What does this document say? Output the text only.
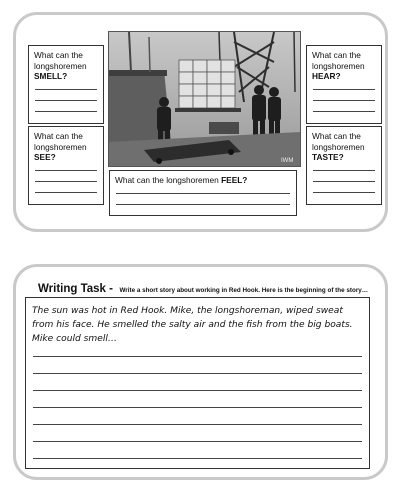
What can the longshoremen
SMELL?
What can the longshoremen
SEE?	IWM
What can the longshoremen
HEAR?
What can the longshoremen
TASTE?
What can the longshoremen FEEL?
Writing Task - Write a short story about working in Red Hook. Here is the beginning of the story…
The sun was hot in Red Hook. Mike, the longshoreman, wiped sweat from his face. He smelled the salty air and the fish from the big boats. Mike could smell…
